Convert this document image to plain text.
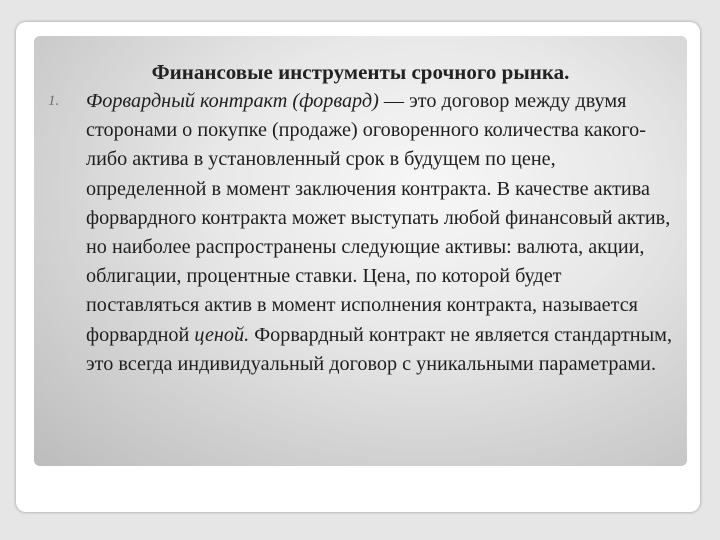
Финансовые инструменты срочного рынка.
1. Форвардный контракт (форвард) — это договор между двумя сторонами о покупке (продаже) оговоренного количества какого-либо актива в установленный срок в будущем по цене, определенной в момент заключения контракта. В качестве актива форвардного контракта может выступать любой финансовый актив, но наиболее распространены следующие активы: валюта, акции, облигации, процентные ставки. Цена, по которой будет поставляться актив в момент исполнения контракта, называется форвардной ценой. Форвардный контракт не является стандартным, это всегда индивидуальный договор с уникальными параметрами.
